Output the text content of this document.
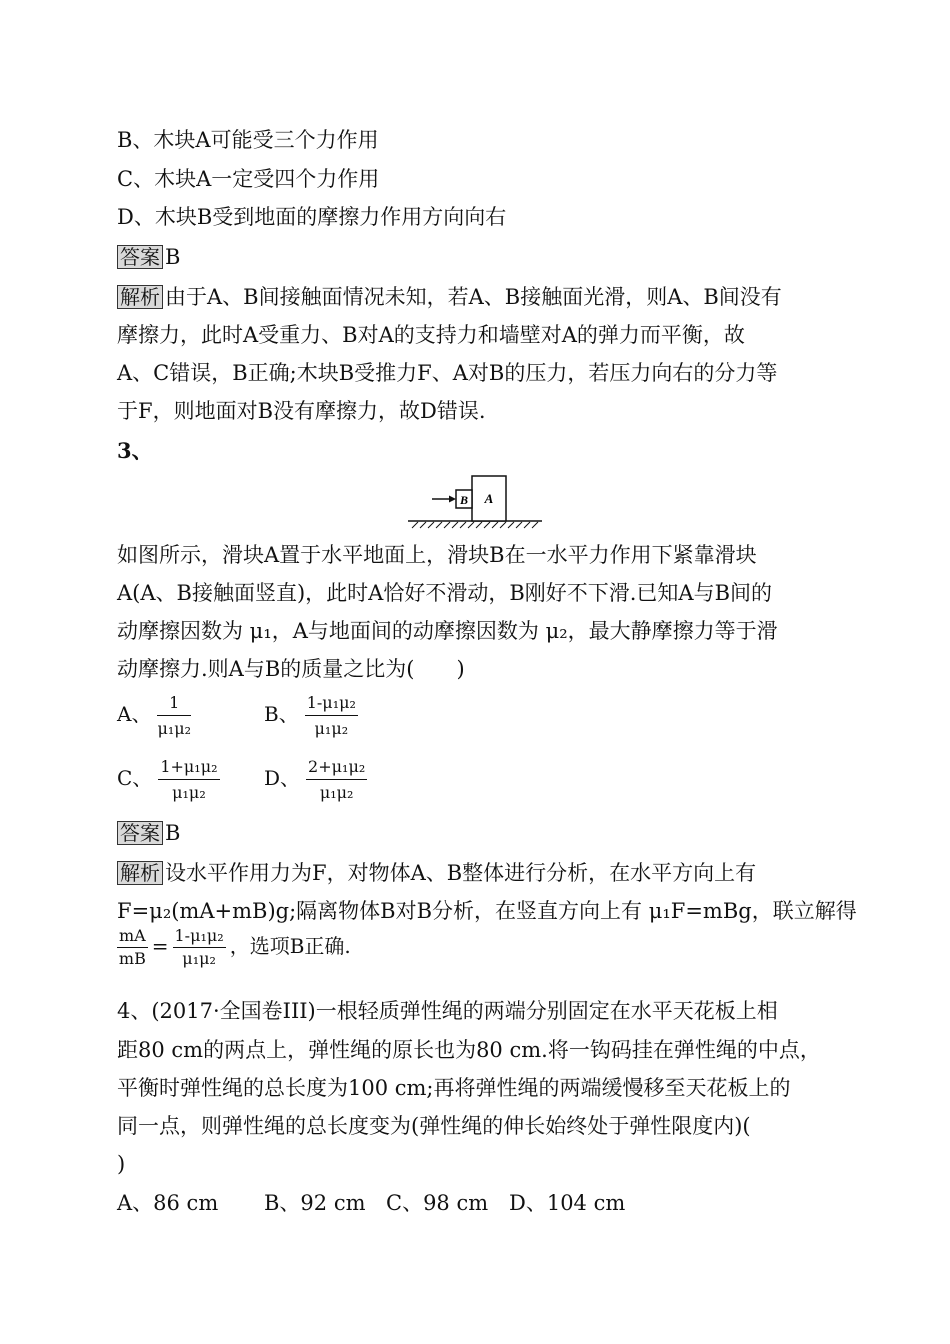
B、木块A可能受三个力作用
C、木块A一定受四个力作用
D、木块B受到地面的摩擦力作用方向向右
答案 B
解析 由于A、B间接触面情况未知，若A、B接触面光滑，则A、B间没有
摩擦力，此时A受重力、B对A的支持力和墙壁对A的弹力而平衡，故
A、C错误，B正确;木块B受推力F、A对B的压力，若压力向右的分力等
于F，则地面对B没有摩擦力，故D错误.
3、
B A
如图所示，滑块A置于水平地面上，滑块B在一水平力作用下紧靠滑块
A(A、B接触面竖直)，此时A恰好不滑动，B刚好不下滑.已知A与B间的
动摩擦因数为 μ₁，A与地面间的动摩擦因数为 μ₂，最大静摩擦力等于滑
动摩擦力.则A与B的质量之比为(　　)
A、 $\frac{1}{\text{μ₁μ₂}}$	B、 $\frac{\text{1-μ₁μ₂}}{\text{μ₁μ₂}}$
C、 $\frac{\text{1+μ₁μ₂}}{\text{μ₁μ₂}}$ D、 $\frac{\text{2+μ₁μ₂}}{\text{μ₁μ₂}}$
答案 B
解析 设水平作用力为F，对物体A、B整体进行分析，在水平方向上有
F=μ₂(mA+mB)g;隔离物体B对B分析，在竖直方向上有 μ₁F=mBg，联立解得
$\frac{mA}{mB} = \frac{\text{1-μ₁μ₂}}{\text{μ₁μ₂}}$ ，选项B正确.
4、(2017·全国卷III)一根轻质弹性绳的两端分别固定在水平天花板上相
距80 cm的两点上，弹性绳的原长也为80 cm.将一钩码挂在弹性绳的中点，
平衡时弹性绳的总长度为100 cm;再将弹性绳的两端缓慢移至天花板上的
同一点，则弹性绳的总长度变为(弹性绳的伸长始终处于弹性限度内)(
)
A、86 cm B、92 cm C、98 cm D、104 cm
